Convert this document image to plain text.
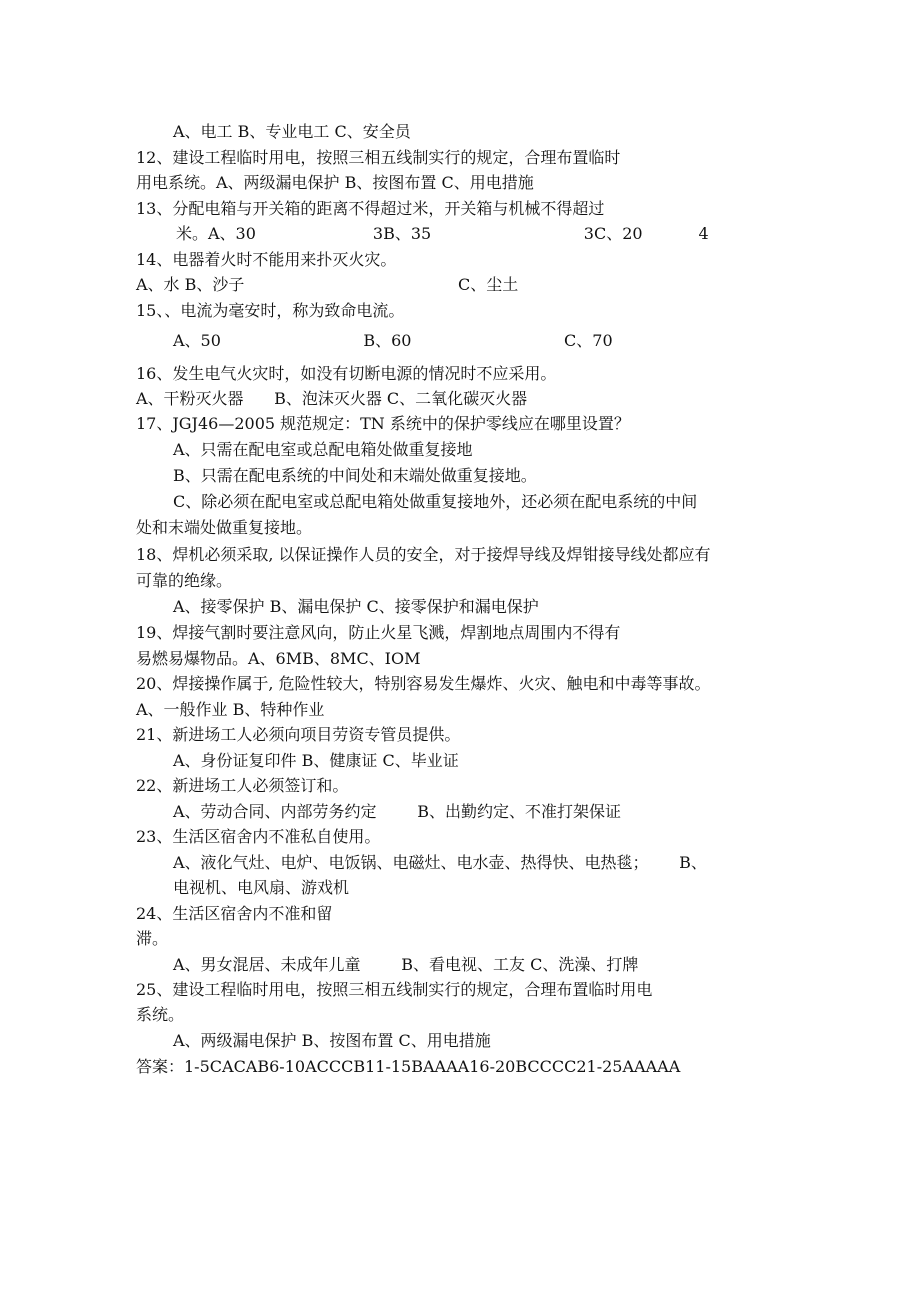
A、电工 B、专业电工 C、安全员
12、建设工程临时用电，按照三相五线制实行的规定，合理布置临时
用电系统。A、两级漏电保护 B、按图布置 C、用电措施
13、分配电箱与开关箱的距离不得超过米，开关箱与机械不得超过
米。A、30                       3B、35                              3C、20           4
14、电器着火时不能用来扑灭火灾。
A、水 B、沙子                                          C、尘土
15、、电流为毫安时，称为致命电流。
A、50                            B、60                              C、70
16、发生电气火灾时，如没有切断电源的情况时不应采用。
A、干粉灭火器      B、泡沫灭火器 C、二氧化碳灭火器
17、JGJ46—2005 规范规定：TN 系统中的保护零线应在哪里设置？
A、只需在配电室或总配电箱处做重复接地
B、只需在配电系统的中间处和末端处做重复接地。
C、除必须在配电室或总配电箱处做重复接地外，还必须在配电系统的中间
处和末端处做重复接地。
18、焊机必须采取, 以保证操作人员的安全，对于接焊导线及焊钳接导线处都应有
可靠的绝缘。
A、接零保护 B、漏电保护 C、接零保护和漏电保护
19、焊接气割时要注意风向，防止火星飞溅，焊割地点周围内不得有
易燃易爆物品。A、6MB、8MC、IOM
20、焊接操作属于, 危险性较大，特别容易发生爆炸、火灾、触电和中毒等事故。
A、一般作业 B、特种作业
21、新进场工人必须向项目劳资专管员提供。
A、身份证复印件 B、健康证 C、毕业证
22、新进场工人必须签订和。
A、劳动合同、内部劳务约定        B、出勤约定、不准打架保证
23、生活区宿舍内不准私自使用。
A、液化气灶、电炉、电饭锅、电磁灶、电水壶、热得快、电热毯；      B、
电视机、电风扇、游戏机
24、生活区宿舍内不准和留
滞。
A、男女混居、未成年儿童        B、看电视、工友 C、洗澡、打牌
25、建设工程临时用电，按照三相五线制实行的规定，合理布置临时用电
系统。
A、两级漏电保护 B、按图布置 C、用电措施
答案：1-5CACAB6-10ACCCB11-15BAAAA16-20BCCCC21-25AAAAA
